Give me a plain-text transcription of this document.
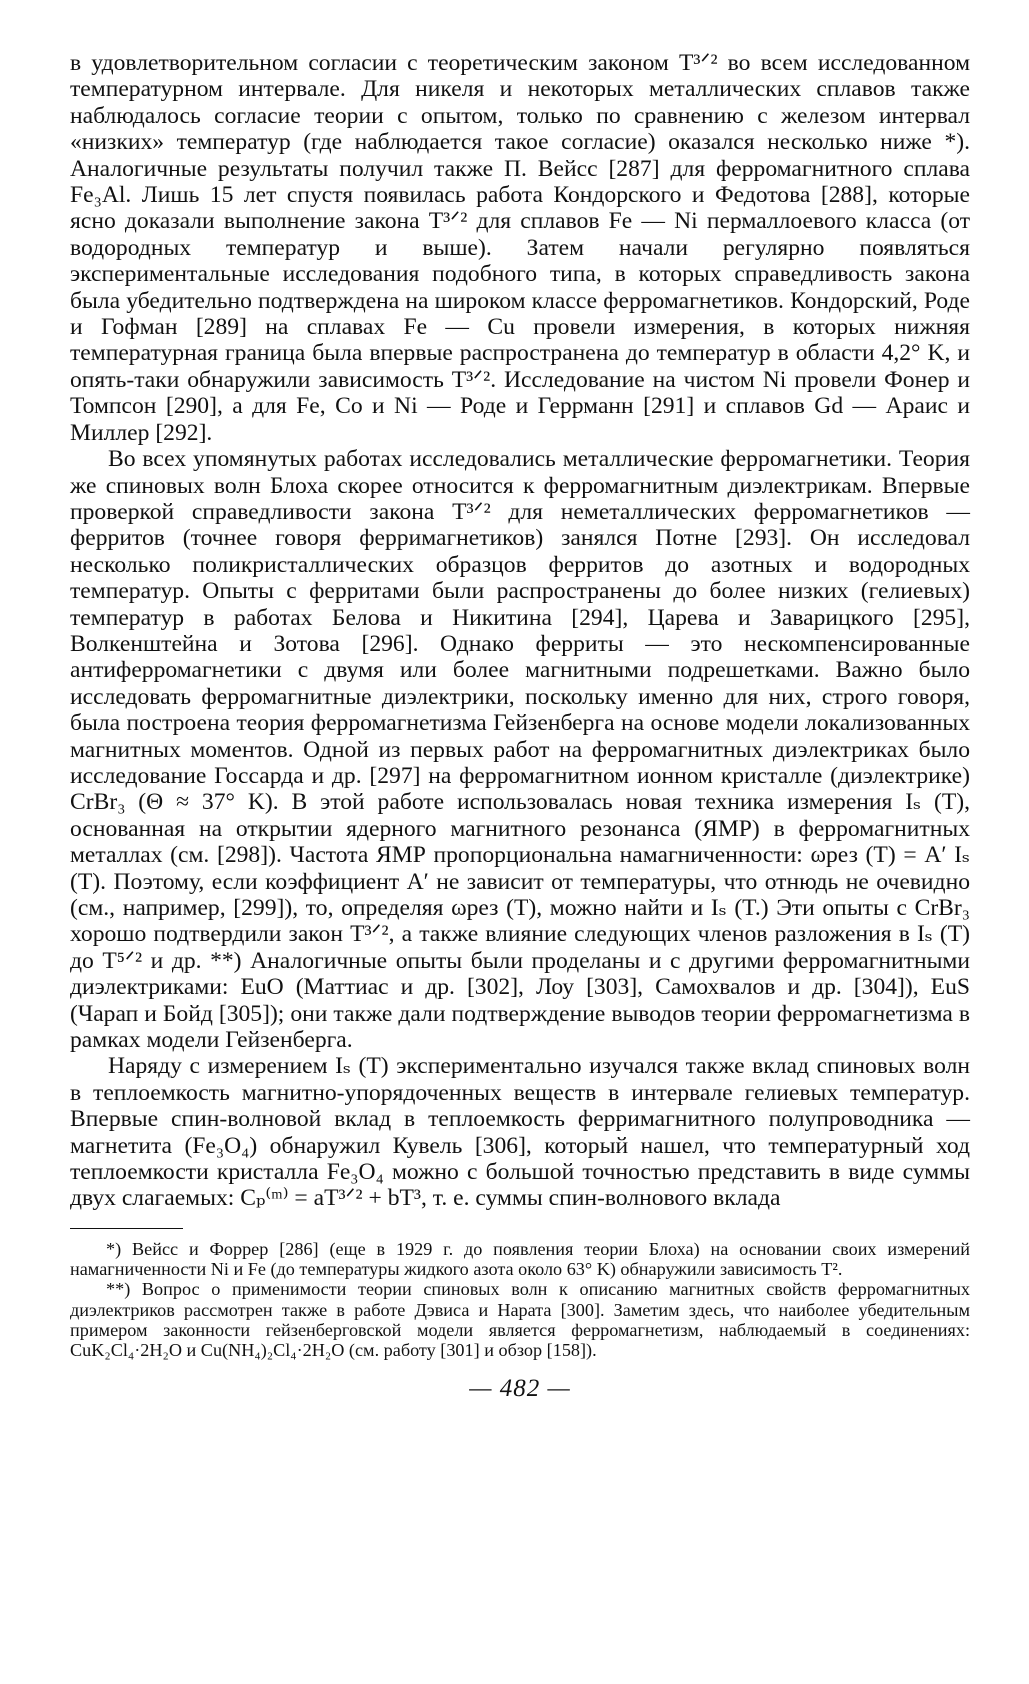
в удовлетворительном согласии с теоретическим законом T³ᐟ² во всем исследованном температурном интервале. Для никеля и некоторых металлических сплавов также наблюдалось согласие теории с опытом, только по сравнению с железом интервал «низких» температур (где наблюдается такое согласие) оказался несколько ниже *). Аналогичные результаты получил также П. Вейсс [287] для ферромагнитного сплава Fe₃Al. Лишь 15 лет спустя появилась работа Кондорского и Федотова [288], которые ясно доказали выполнение закона T³ᐟ² для сплавов Fe — Ni пермаллоевого класса (от водородных температур и выше). Затем начали регулярно появляться экспериментальные исследования подобного типа, в которых справедливость закона была убедительно подтверждена на широком классе ферромагнетиков. Кондорский, Роде и Гофман [289] на сплавах Fe — Cu провели измерения, в которых нижняя температурная граница была впервые распространена до температур в области 4,2° K, и опять-таки обнаружили зависимость T³ᐟ². Исследование на чистом Ni провели Фонер и Томпсон [290], а для Fe, Co и Ni — Роде и Геррманн [291] и сплавов Gd — Араис и Миллер [292].

Во всех упомянутых работах исследовались металлические ферромагнетики. Теория же спиновых волн Блоха скорее относится к ферромагнитным диэлектрикам. Впервые проверкой справедливости закона T³ᐟ² для неметаллических ферромагнетиков — ферритов (точнее говоря ферримагнетиков) занялся Потне [293]. Он исследовал несколько поликристаллических образцов ферритов до азотных и водородных температур. Опыты с ферритами были распространены до более низких (гелиевых) температур в работах Белова и Никитина [294], Царева и Заварицкого [295], Волкенштейна и Зотова [296]. Однако ферриты — это нескомпенсированные антиферромагнетики с двумя или более магнитными подрешетками. Важно было исследовать ферромагнитные диэлектрики, поскольку именно для них, строго говоря, была построена теория ферромагнетизма Гейзенберга на основе модели локализованных магнитных моментов. Одной из первых работ на ферромагнитных диэлектриках было исследование Госсарда и др. [297] на ферромагнитном ионном кристалле (диэлектрике) CrBr₃ (Θ ≈ 37° K). В этой работе использовалась новая техника измерения Iₛ (T), основанная на открытии ядерного магнитного резонанса (ЯМР) в ферромагнитных металлах (см. [298]). Частота ЯМР пропорциональна намагниченности: ωрез (T) = A′ Iₛ (T). Поэтому, если коэффициент A′ не зависит от температуры, что отнюдь не очевидно (см., например, [299]), то, определяя ωрез (T), можно найти и Iₛ (T.) Эти опыты с CrBr₃ хорошо подтвердили закон T³ᐟ², а также влияние следующих членов разложения в Iₛ (T) до T⁵ᐟ² и др. **) Аналогичные опыты были проделаны и с другими ферромагнитными диэлектриками: EuO (Маттиас и др. [302], Лоу [303], Самохвалов и др. [304]), EuS (Чарап и Бойд [305]); они также дали подтверждение выводов теории ферромагнетизма в рамках модели Гейзенберга.

Наряду с измерением Iₛ (T) экспериментально изучался также вклад спиновых волн в теплоемкость магнитно-упорядоченных веществ в интервале гелиевых температур. Впервые спин-волновой вклад в теплоемкость ферримагнитного полупроводника — магнетита (Fe₃O₄) обнаружил Кувель [306], который нашел, что температурный ход теплоемкости кристалла Fe₃O₄ можно с большой точностью представить в виде суммы двух слагаемых: Cₚ⁽ᵐ⁾ = aT³ᐟ² + bT³, т. е. суммы спин-волнового вклада

*) Вейсс и Форрер [286] (еще в 1929 г. до появления теории Блоха) на основании своих измерений намагниченности Ni и Fe (до температуры жидкого азота около 63° K) обнаружили зависимость T².

**) Вопрос о применимости теории спиновых волн к описанию магнитных свойств ферромагнитных диэлектриков рассмотрен также в работе Дэвиса и Нарата [300]. Заметим здесь, что наиболее убедительным примером законности гейзенберговской модели является ферромагнетизм, наблюдаемый в соединениях: CuK₂Cl₄·2H₂O и Cu(NH₄)₂Cl₄·2H₂O (см. работу [301] и обзор [158]).

— 482 —
